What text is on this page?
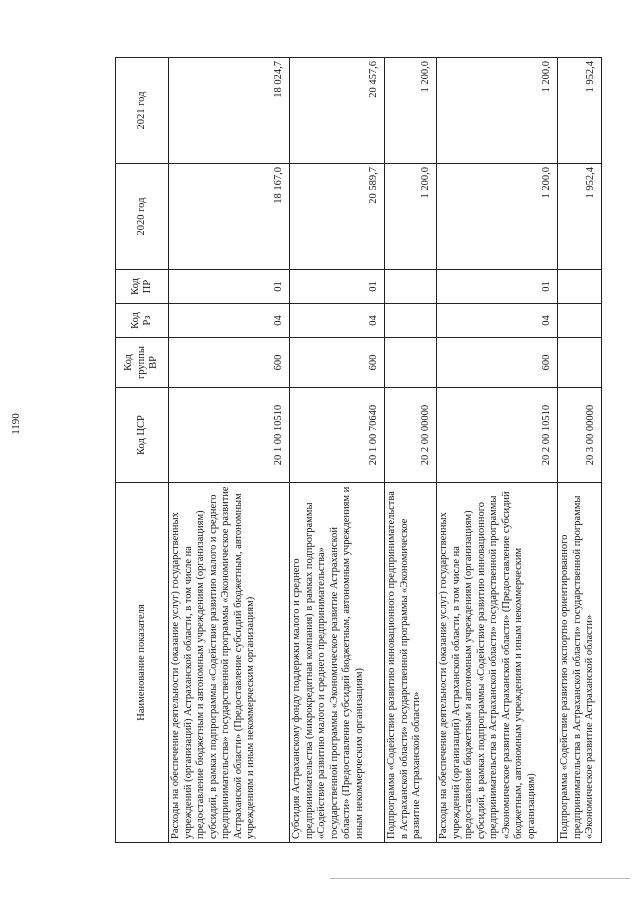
1190
Наименование показателя	Код ЦСР	Код группы ВР	Код Рз	Код ПР	2020 год	2021 год
Расходы на обеспечение деятельности (оказание услуг) государственных учреждений (организаций) Астраханской области, в том числе на предоставление бюджетным и автономным учреждениям (организациям) субсидий, в рамках подпрограммы «Содействие развитию малого и среднего предпринимательства» государственной программы «Экономическое развитие Астраханской области» (Предоставление субсидий бюджетным, автономным учреждениям и иным некоммерческим организациям)	20 1 00 10510	600	04	01	18 167,0	18 024,7
Субсидия Астраханскому фонду поддержки малого и среднего предпринимательства (микрокредитная компания) в рамках подпрограммы «Содействие развитию малого и среднего предпринимательства» государственной программы «Экономическое развитие Астраханской области» (Предоставление субсидий бюджетным, автономным учреждениям и иным некоммерческим организациям)	20 1 00 70640	600	04	01	20 589,7	20 457,6
Подпрограмма «Содействие развитию инновационного предпринимательства в Астраханской области» государственной программы «Экономическое развитие Астраханской области»	20 2 00 00000				1 200,0	1 200,0
Расходы на обеспечение деятельности (оказание услуг) государственных учреждений (организаций) Астраханской области, в том числе на предоставление бюджетным и автономным учреждениям (организациям) субсидий, в рамках подпрограммы «Содействие развитию инновационного предпринимательства в Астраханской области» государственной программы «Экономическое развитие Астраханской области» (Предоставление субсидий бюджетным, автономным учреждениям и иным некоммерческим организациям)	20 2 00 10510	600	04	01	1 200,0	1 200,0
Подпрограмма «Содействие развитию экспортно ориентированного предпринимательства в Астраханской области» государственной программы «Экономическое развитие Астраханской области»	20 3 00 00000				1 952,4	1 952,4
